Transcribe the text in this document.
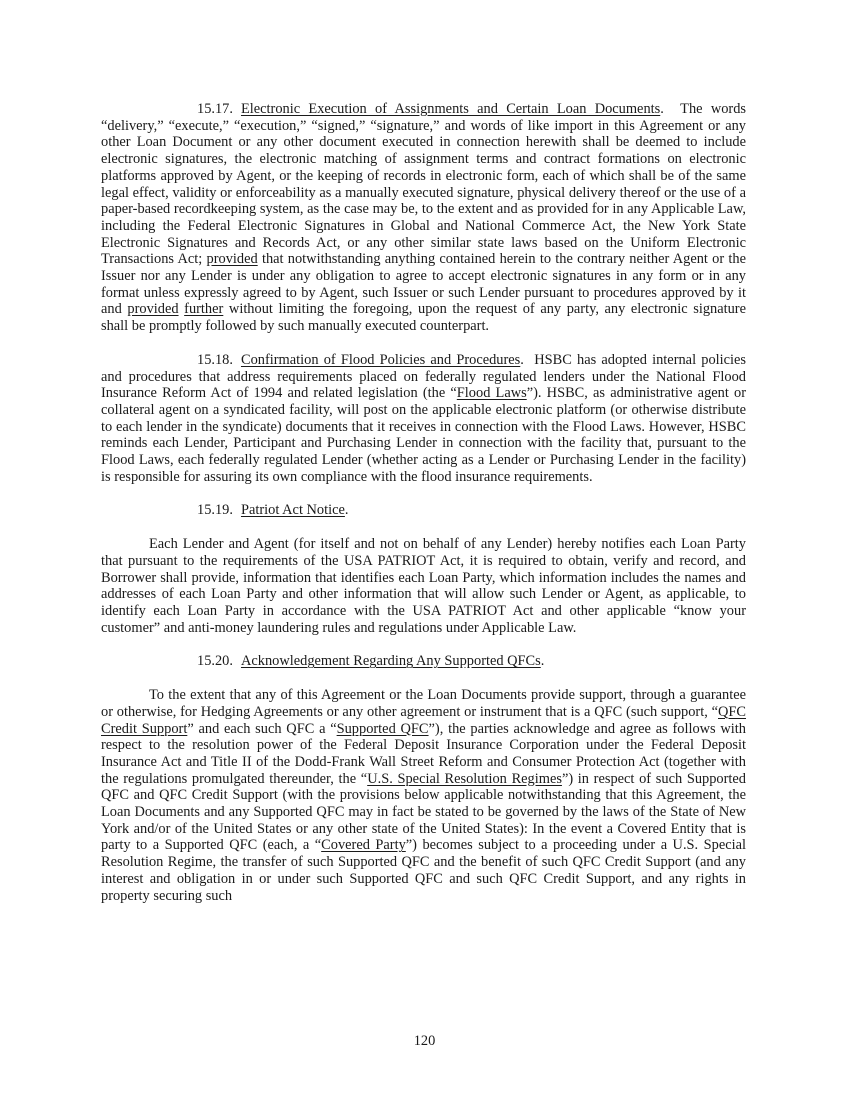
15.17. Electronic Execution of Assignments and Certain Loan Documents.  The words “delivery,” “execute,” “execution,” “signed,” “signature,” and words of like import in this Agreement or any other Loan Document or any other document executed in connection herewith shall be deemed to include electronic signatures, the electronic matching of assignment terms and contract formations on electronic platforms approved by Agent, or the keeping of records in electronic form, each of which shall be of the same legal effect, validity or enforceability as a manually executed signature, physical delivery thereof or the use of a paper-based recordkeeping system, as the case may be, to the extent and as provided for in any Applicable Law, including the Federal Electronic Signatures in Global and National Commerce Act, the New York State Electronic Signatures and Records Act, or any other similar state laws based on the Uniform Electronic Transactions Act; provided that notwithstanding anything contained herein to the contrary neither Agent or the Issuer nor any Lender is under any obligation to agree to accept electronic signatures in any form or in any format unless expressly agreed to by Agent, such Issuer or such Lender pursuant to procedures approved by it and provided further without limiting the foregoing, upon the request of any party, any electronic signature shall be promptly followed by such manually executed counterpart.

15.18. Confirmation of Flood Policies and Procedures.  HSBC has adopted internal policies and procedures that address requirements placed on federally regulated lenders under the National Flood Insurance Reform Act of 1994 and related legislation (the “Flood Laws”). HSBC, as administrative agent or collateral agent on a syndicated facility, will post on the applicable electronic platform (or otherwise distribute to each lender in the syndicate) documents that it receives in connection with the Flood Laws. However, HSBC reminds each Lender, Participant and Purchasing Lender in connection with the facility that, pursuant to the Flood Laws, each federally regulated Lender (whether acting as a Lender or Purchasing Lender in the facility) is responsible for assuring its own compliance with the flood insurance requirements.

15.19. Patriot Act Notice.

Each Lender and Agent (for itself and not on behalf of any Lender) hereby notifies each Loan Party that pursuant to the requirements of the USA PATRIOT Act, it is required to obtain, verify and record, and Borrower shall provide, information that identifies each Loan Party, which information includes the names and addresses of each Loan Party and other information that will allow such Lender or Agent, as applicable, to identify each Loan Party in accordance with the USA PATRIOT Act and other applicable “know your customer” and anti-money laundering rules and regulations under Applicable Law.

15.20. Acknowledgement Regarding Any Supported QFCs.

To the extent that any of this Agreement or the Loan Documents provide support, through a guarantee or otherwise, for Hedging Agreements or any other agreement or instrument that is a QFC (such support, “QFC Credit Support” and each such QFC a “Supported QFC”), the parties acknowledge and agree as follows with respect to the resolution power of the Federal Deposit Insurance Corporation under the Federal Deposit Insurance Act and Title II of the Dodd-Frank Wall Street Reform and Consumer Protection Act (together with the regulations promulgated thereunder, the “U.S. Special Resolution Regimes”) in respect of such Supported QFC and QFC Credit Support (with the provisions below applicable notwithstanding that this Agreement, the Loan Documents and any Supported QFC may in fact be stated to be governed by the laws of the State of New York and/or of the United States or any other state of the United States): In the event a Covered Entity that is party to a Supported QFC (each, a “Covered Party”) becomes subject to a proceeding under a U.S. Special Resolution Regime, the transfer of such Supported QFC and the benefit of such QFC Credit Support (and any interest and obligation in or under such Supported QFC and such QFC Credit Support, and any rights in property securing such

120
